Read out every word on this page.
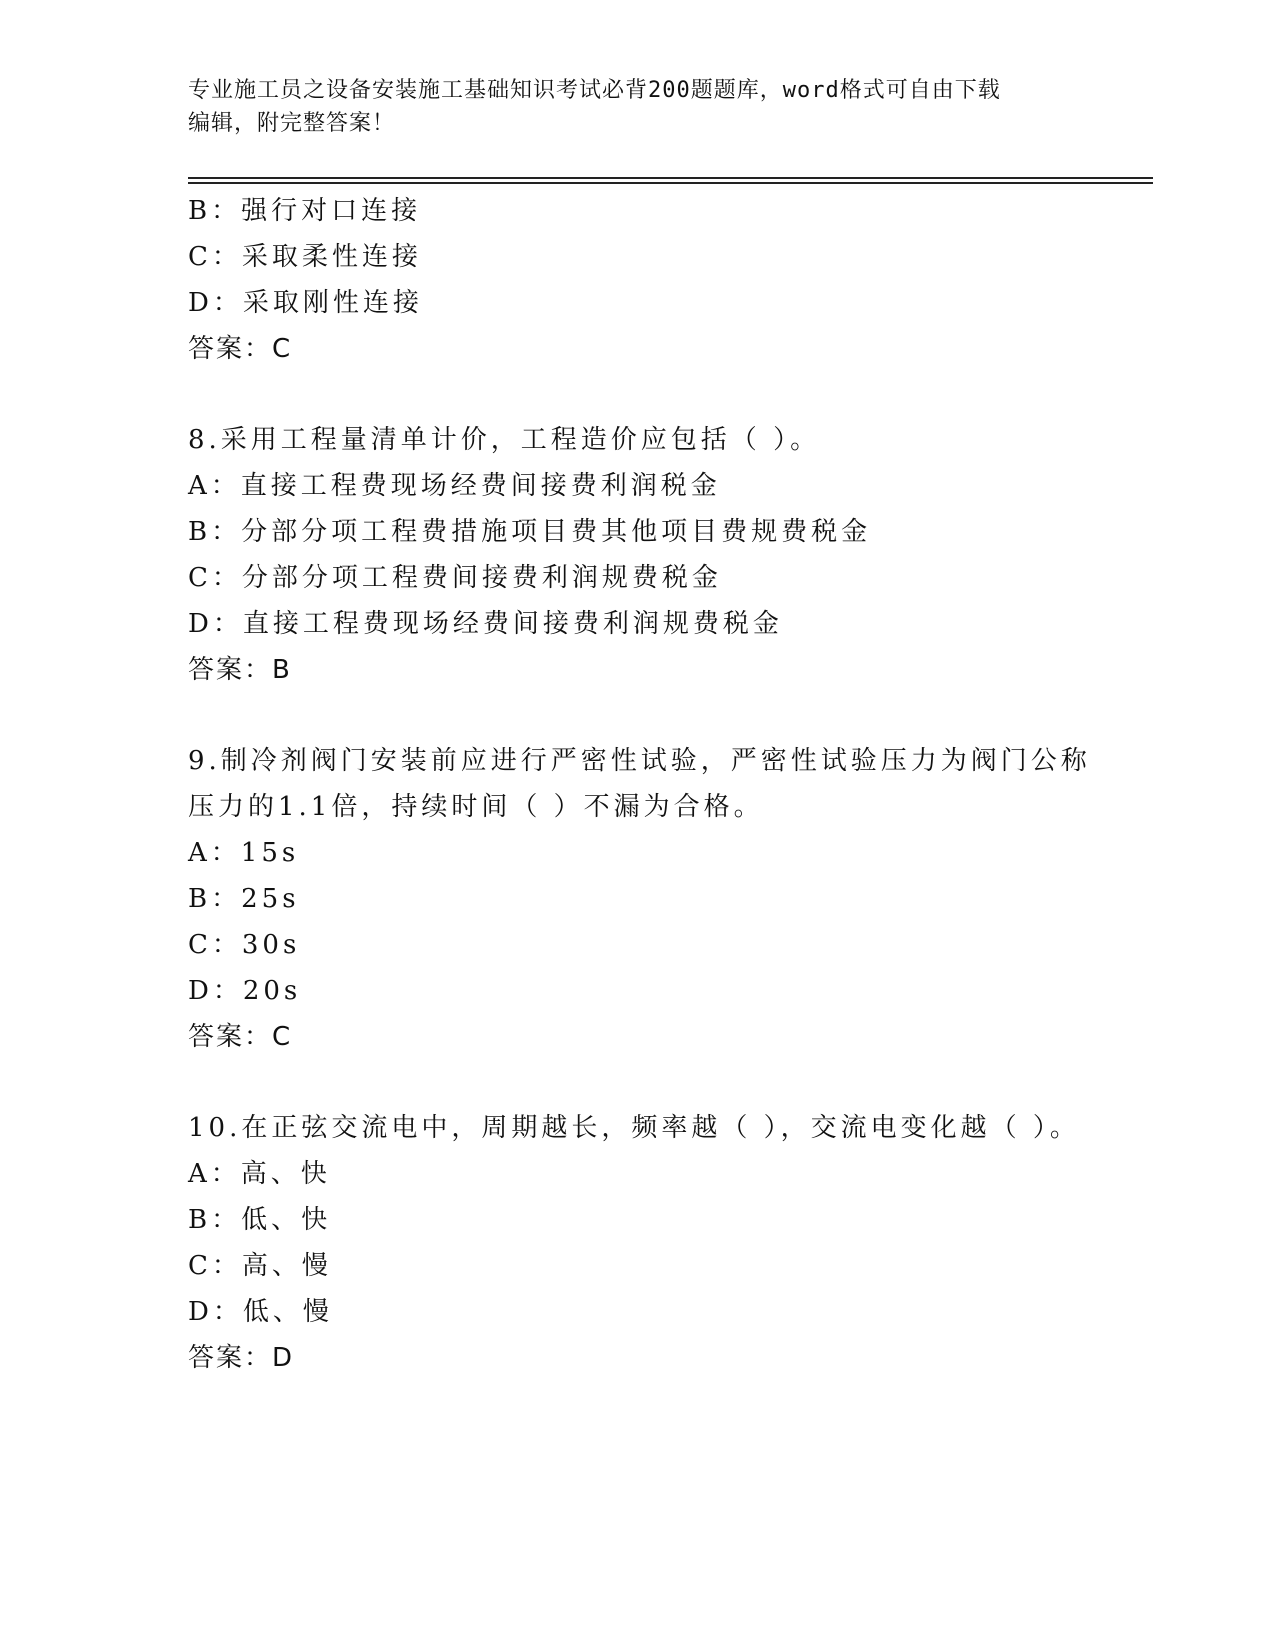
专业施工员之设备安装施工基础知识考试必背200题题库，word格式可自由下载
编辑，附完整答案！
B：强行对口连接
C：采取柔性连接
D：采取刚性连接
答案：C
8.采用工程量清单计价，工程造价应包括（ ）。
A：直接工程费现场经费间接费利润税金
B：分部分项工程费措施项目费其他项目费规费税金
C：分部分项工程费间接费利润规费税金
D：直接工程费现场经费间接费利润规费税金
答案：B
9.制冷剂阀门安装前应进行严密性试验，严密性试验压力为阀门公称
压力的1.1倍，持续时间（ ）不漏为合格。
A：15s
B：25s
C：30s
D：20s
答案：C
10.在正弦交流电中，周期越长，频率越（ ），交流电变化越（ ）。
A：高、快
B：低、快
C：高、慢
D：低、慢
答案：D
